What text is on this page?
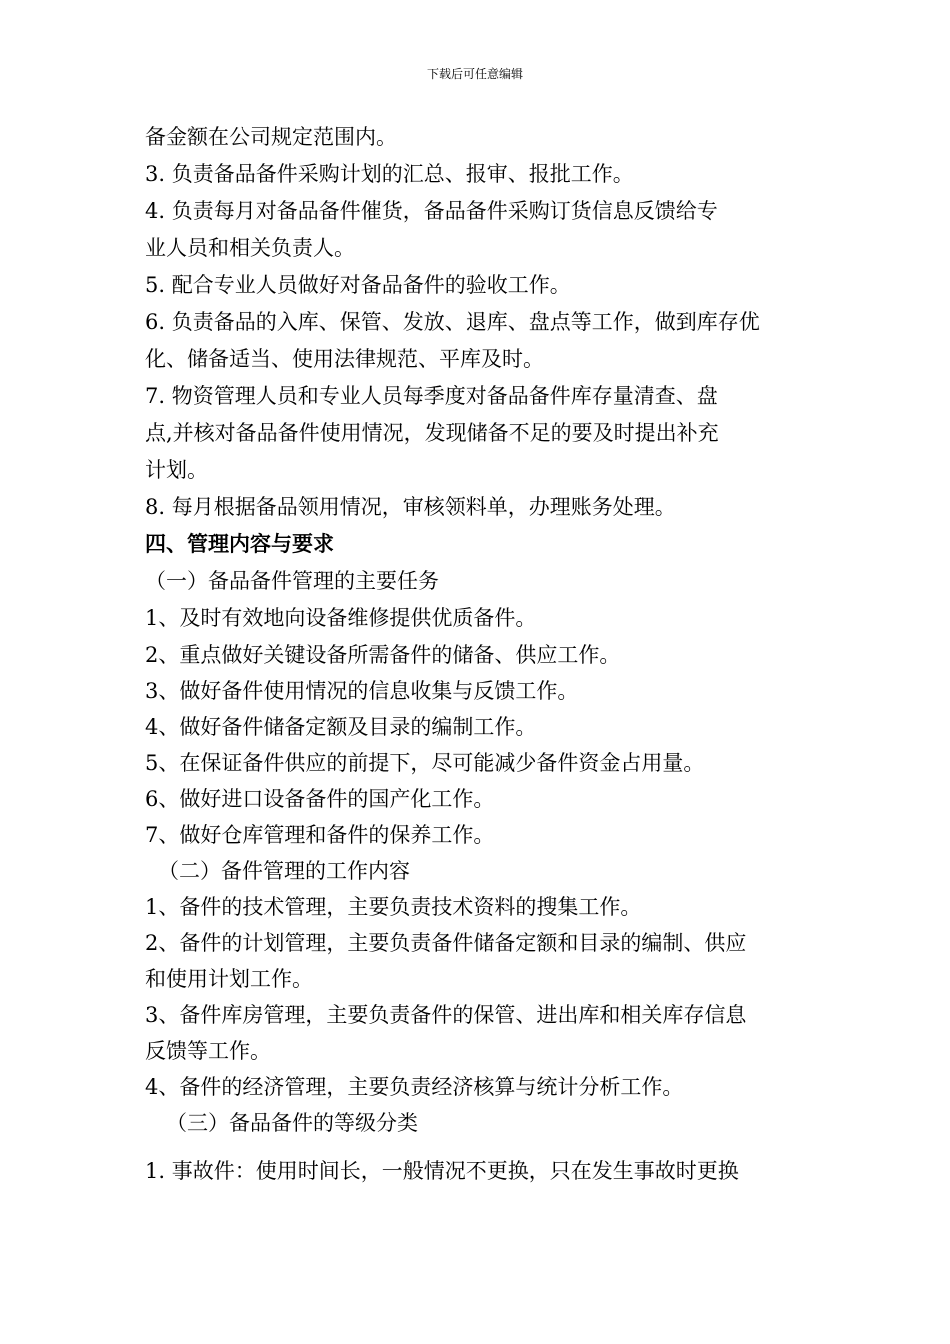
下载后可任意编辑
备金额在公司规定范围内。
3. 负责备品备件采购计划的汇总、报审、报批工作。
4. 负责每月对备品备件催货，备品备件采购订货信息反馈给专
业人员和相关负责人。
5. 配合专业人员做好对备品备件的验收工作。
6. 负责备品的入库、保管、发放、退库、盘点等工作，做到库存优
化、储备适当、使用法律规范、平库及时。
7. 物资管理人员和专业人员每季度对备品备件库存量清查、盘
点,并核对备品备件使用情况，发现储备不足的要及时提出补充
计划。
8. 每月根据备品领用情况，审核领料单，办理账务处理。
四、管理内容与要求
（一）备品备件管理的主要任务
1、及时有效地向设备维修提供优质备件。
2、重点做好关键设备所需备件的储备、供应工作。
3、做好备件使用情况的信息收集与反馈工作。
4、做好备件储备定额及目录的编制工作。
5、在保证备件供应的前提下，尽可能减少备件资金占用量。
6、做好进口设备备件的国产化工作。
7、做好仓库管理和备件的保养工作。
（二）备件管理的工作内容
1、备件的技术管理，主要负责技术资料的搜集工作。
2、备件的计划管理，主要负责备件储备定额和目录的编制、供应
和使用计划工作。
3、备件库房管理，主要负责备件的保管、进出库和相关库存信息
反馈等工作。
4、备件的经济管理，主要负责经济核算与统计分析工作。
（三）备品备件的等级分类
1. 事故件：使用时间长，一般情况不更换，只在发生事故时更换
